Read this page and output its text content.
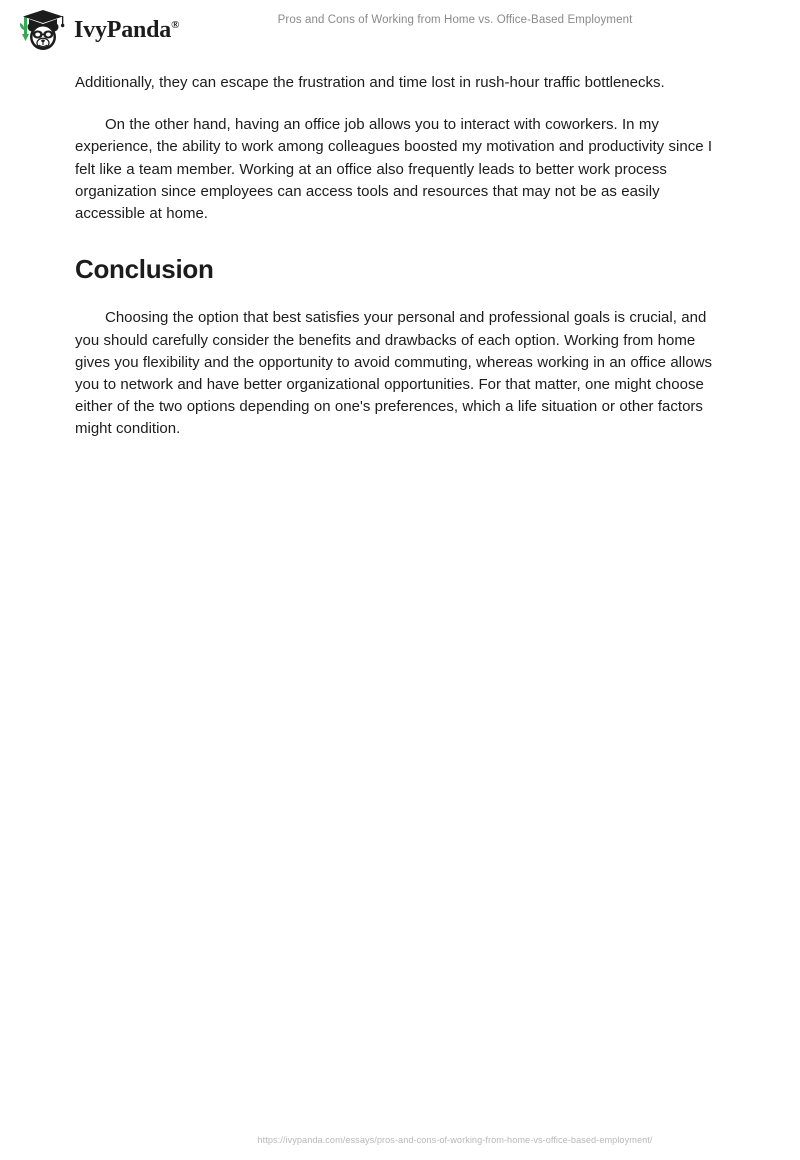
IvyPanda®	Pros and Cons of Working from Home vs. Office-Based Employment

Additionally, they can escape the frustration and time lost in rush-hour traffic bottlenecks.

On the other hand, having an office job allows you to interact with coworkers. In my experience, the ability to work among colleagues boosted my motivation and productivity since I felt like a team member. Working at an office also frequently leads to better work process organization since employees can access tools and resources that may not be as easily accessible at home.

Conclusion

Choosing the option that best satisfies your personal and professional goals is crucial, and you should carefully consider the benefits and drawbacks of each option. Working from home gives you flexibility and the opportunity to avoid commuting, whereas working in an office allows you to network and have better organizational opportunities. For that matter, one might choose either of the two options depending on one's preferences, which a life situation or other factors might condition.

https://ivypanda.com/essays/pros-and-cons-of-working-from-home-vs-office-based-employment/
